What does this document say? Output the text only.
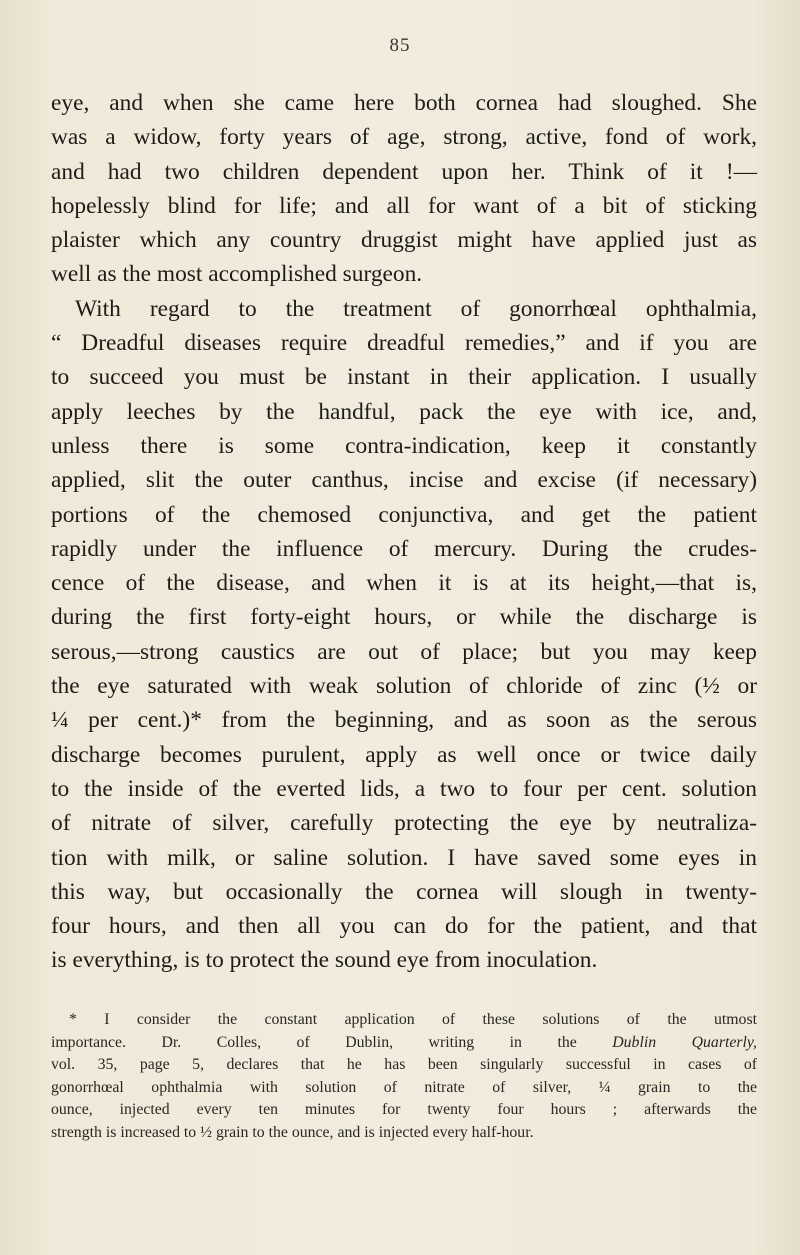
85
eye, and when she came here both cornea had sloughed. She
was a widow, forty years of age, strong, active, fond of work,
and had two children dependent upon her. Think of it !—
hopelessly blind for life; and all for want of a bit of sticking
plaister which any country druggist might have applied just as
well as the most accomplished surgeon.
With regard to the treatment of gonorrhœal ophthalmia,
“ Dreadful diseases require dreadful remedies,” and if you are
to succeed you must be instant in their application. I usually
apply leeches by the handful, pack the eye with ice, and,
unless there is some contra-indication, keep it constantly
applied, slit the outer canthus, incise and excise (if necessary)
portions of the chemosed conjunctiva, and get the patient
rapidly under the influence of mercury. During the crudes-
cence of the disease, and when it is at its height,—that is,
during the first forty-eight hours, or while the discharge is
serous,—strong caustics are out of place; but you may keep
the eye saturated with weak solution of chloride of zinc (½ or
¼ per cent.)* from the beginning, and as soon as the serous
discharge becomes purulent, apply as well once or twice daily
to the inside of the everted lids, a two to four per cent. solution
of nitrate of silver, carefully protecting the eye by neutraliza-
tion with milk, or saline solution. I have saved some eyes in
this way, but occasionally the cornea will slough in twenty-
four hours, and then all you can do for the patient, and that
is everything, is to protect the sound eye from inoculation.
* I consider the constant application of these solutions of the utmost
importance. Dr. Colles, of Dublin, writing in the Dublin Quarterly,
vol. 35, page 5, declares that he has been singularly successful in cases of
gonorrhœal ophthalmia with solution of nitrate of silver, ¼ grain to the
ounce, injected every ten minutes for twenty four hours ; afterwards the
strength is increased to ½ grain to the ounce, and is injected every half-hour.
